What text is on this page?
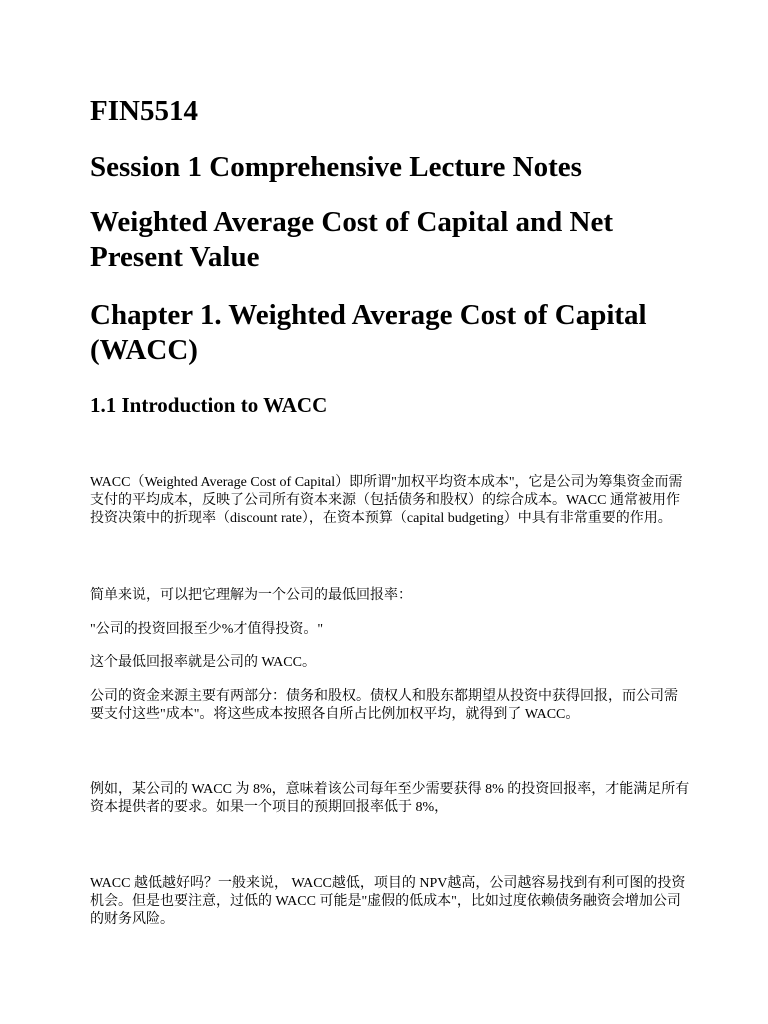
FIN5514
Session 1 Comprehensive Lecture Notes
Weighted Average Cost of Capital and Net Present Value
Chapter 1. Weighted Average Cost of Capital (WACC)
1.1 Introduction to WACC

WACC（Weighted Average Cost of Capital）即所谓"加权平均资本成本"，它是公司为筹集资金而需支付的平均成本，反映了公司所有资本来源（包括债务和股权）的综合成本。WACC 通常被用作投资决策中的折现率（discount rate），在资本预算（capital budgeting）中具有非常重要的作用。

简单来说，可以把它理解为一个公司的最低回报率：

"公司的投资回报至少%才值得投资。"

这个最低回报率就是公司的 WACC。

公司的资金来源主要有两部分：债务和股权。债权人和股东都期望从投资中获得回报，而公司需要支付这些"成本"。将这些成本按照各自所占比例加权平均，就得到了 WACC。

例如，某公司的 WACC 为 8%，意味着该公司每年至少需要获得 8% 的投资回报率，才能满足所有资本提供者的要求。如果一个项目的预期回报率低于 8%，

WACC 越低越好吗？一般来说， WACC越低，项目的 NPV越高，公司越容易找到有利可图的投资机会。但是也要注意，过低的 WACC 可能是"虚假的低成本"，比如过度依赖债务融资会增加公司的财务风险。
